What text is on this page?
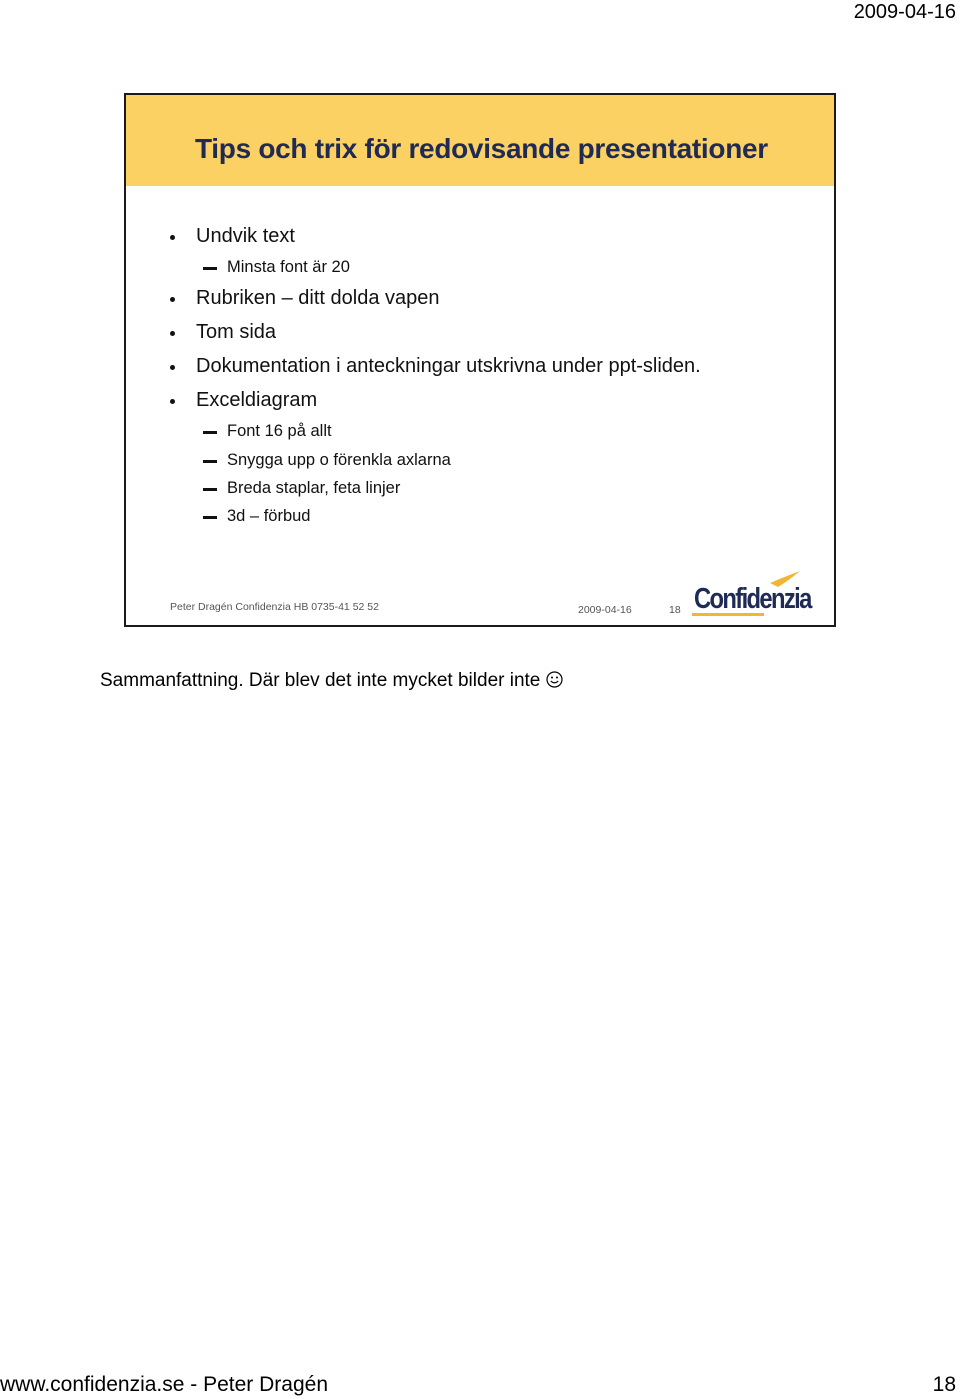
2009-04-16
Tips och trix för redovisande presentationer
Undvik text
Minsta font är 20
Rubriken – ditt dolda vapen
Tom sida
Dokumentation i anteckningar utskrivna under ppt-sliden.
Exceldiagram
Font 16 på allt
Snygga upp o förenkla axlarna
Breda staplar, feta linjer
3d – förbud
Peter Dragén Confidenzia HB 0735-41 52 52	2009-04-16	18 Confidenzia
Sammanfattning. Där blev det inte mycket bilder inte
www.confidenzia.se - Peter Dragén	18
